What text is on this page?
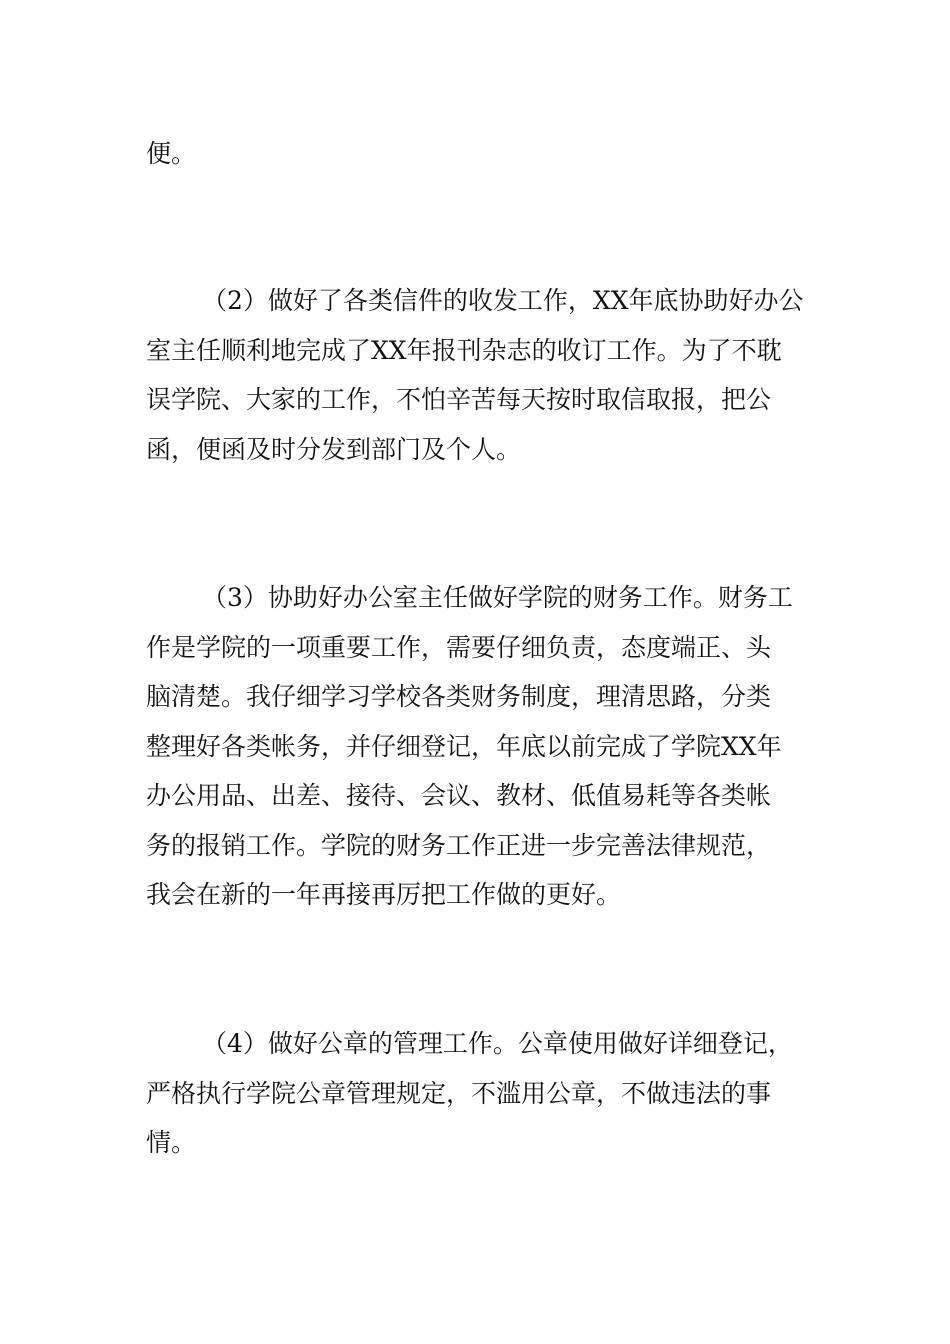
便。

（2）做好了各类信件的收发工作，XX年底协助好办公
室主任顺利地完成了XX年报刊杂志的收订工作。为了不耽
误学院、大家的工作，不怕辛苦每天按时取信取报，把公
函，便函及时分发到部门及个人。

（3）协助好办公室主任做好学院的财务工作。财务工
作是学院的一项重要工作，需要仔细负责，态度端正、头
脑清楚。我仔细学习学校各类财务制度，理清思路，分类
整理好各类帐务，并仔细登记，年底以前完成了学院XX年
办公用品、出差、接待、会议、教材、低值易耗等各类帐
务的报销工作。学院的财务工作正进一步完善法律规范，
我会在新的一年再接再厉把工作做的更好。

（4）做好公章的管理工作。公章使用做好详细登记，
严格执行学院公章管理规定，不滥用公章，不做违法的事
情。
